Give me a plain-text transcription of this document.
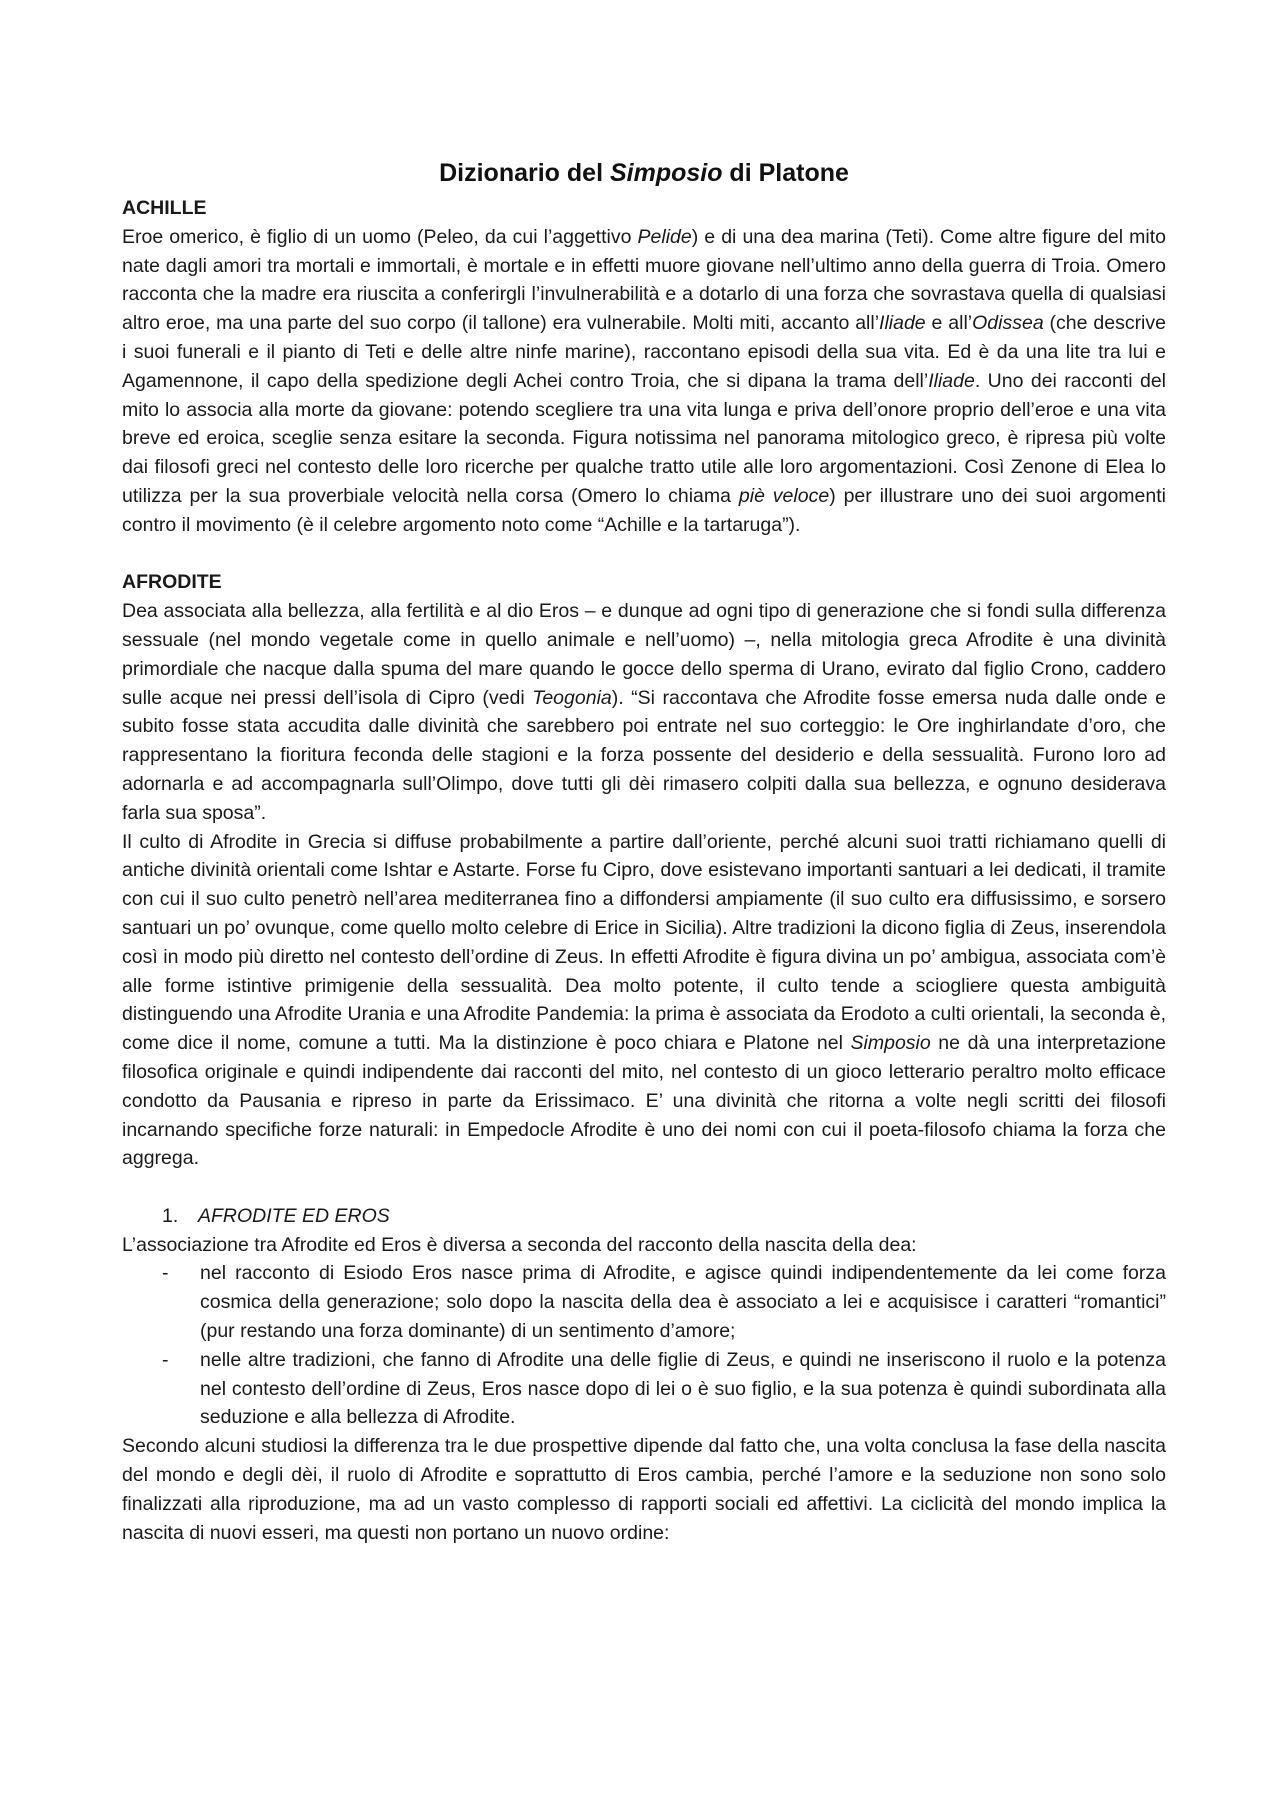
Dizionario del Simposio di Platone
ACHILLE

Eroe omerico, è figlio di un uomo (Peleo, da cui l’aggettivo Pelide) e di una dea marina (Teti). Come altre figure del mito nate dagli amori tra mortali e immortali, è mortale e in effetti muore giovane nell’ultimo anno della guerra di Troia. Omero racconta che la madre era riuscita a conferirgli l’invulnerabilità e a dotarlo di una forza che sovrastava quella di qualsiasi altro eroe, ma una parte del suo corpo (il tallone) era vulnerabile. Molti miti, accanto all’Iliade e all’Odissea (che descrive i suoi funerali e il pianto di Teti e delle altre ninfe marine), raccontano episodi della sua vita. Ed è da una lite tra lui e Agamennone, il capo della spedizione degli Achei contro Troia, che si dipana la trama dell’Iliade. Uno dei racconti del mito lo associa alla morte da giovane: potendo scegliere tra una vita lunga e priva dell’onore proprio dell’eroe e una vita breve ed eroica, sceglie senza esitare la seconda. Figura notissima nel panorama mitologico greco, è ripresa più volte dai filosofi greci nel contesto delle loro ricerche per qualche tratto utile alle loro argomentazioni. Così Zenone di Elea lo utilizza per la sua proverbiale velocità nella corsa (Omero lo chiama piè veloce) per illustrare uno dei suoi argomenti contro il movimento (è il celebre argomento noto come “Achille e la tartaruga”).

AFRODITE

Dea associata alla bellezza, alla fertilità e al dio Eros – e dunque ad ogni tipo di generazione che si fondi sulla differenza sessuale (nel mondo vegetale come in quello animale e nell’uomo) –, nella mitologia greca Afrodite è una divinità primordiale che nacque dalla spuma del mare quando le gocce dello sperma di Urano, evirato dal figlio Crono, caddero sulle acque nei pressi dell’isola di Cipro (vedi Teogonia). “Si raccontava che Afrodite fosse emersa nuda dalle onde e subito fosse stata accudita dalle divinità che sarebbero poi entrate nel suo corteggio: le Ore inghirlandate d’oro, che rappresentano la fioritura feconda delle stagioni e la forza possente del desiderio e della sessualità. Furono loro ad adornarla e ad accompagnarla sull’Olimpo, dove tutti gli dèi rimasero colpiti dalla sua bellezza, e ognuno desiderava farla sua sposa”.

Il culto di Afrodite in Grecia si diffuse probabilmente a partire dall’oriente, perché alcuni suoi tratti richiamano quelli di antiche divinità orientali come Ishtar e Astarte. Forse fu Cipro, dove esistevano importanti santuari a lei dedicati, il tramite con cui il suo culto penetrò nell’area mediterranea fino a diffondersi ampiamente (il suo culto era diffusissimo, e sorsero santuari un po’ ovunque, come quello molto celebre di Erice in Sicilia). Altre tradizioni la dicono figlia di Zeus, inserendola così in modo più diretto nel contesto dell’ordine di Zeus. In effetti Afrodite è figura divina un po’ ambigua, associata com’è alle forme istintive primigenie della sessualità. Dea molto potente, il culto tende a sciogliere questa ambiguità distinguendo una Afrodite Urania e una Afrodite Pandemia: la prima è associata da Erodoto a culti orientali, la seconda è, come dice il nome, comune a tutti. Ma la distinzione è poco chiara e Platone nel Simposio ne dà una interpretazione filosofica originale e quindi indipendente dai racconti del mito, nel contesto di un gioco letterario peraltro molto efficace condotto da Pausania e ripreso in parte da Erissimaco. E’ una divinità che ritorna a volte negli scritti dei filosofi incarnando specifiche forze naturali: in Empedocle Afrodite è uno dei nomi con cui il poeta-filosofo chiama la forza che aggrega.

1. AFRODITE ED EROS

L’associazione tra Afrodite ed Eros è diversa a seconda del racconto della nascita della dea:

- nel racconto di Esiodo Eros nasce prima di Afrodite, e agisce quindi indipendentemente da lei come forza cosmica della generazione; solo dopo la nascita della dea è associato a lei e acquisisce i caratteri “romantici” (pur restando una forza dominante) di un sentimento d’amore;
- nelle altre tradizioni, che fanno di Afrodite una delle figlie di Zeus, e quindi ne inseriscono il ruolo e la potenza nel contesto dell’ordine di Zeus, Eros nasce dopo di lei o è suo figlio, e la sua potenza è quindi subordinata alla seduzione e alla bellezza di Afrodite.

Secondo alcuni studiosi la differenza tra le due prospettive dipende dal fatto che, una volta conclusa la fase della nascita del mondo e degli dèi, il ruolo di Afrodite e soprattutto di Eros cambia, perché l’amore e la seduzione non sono solo finalizzati alla riproduzione, ma ad un vasto complesso di rapporti sociali ed affettivi. La ciclicità del mondo implica la nascita di nuovi esseri, ma questi non portano un nuovo ordine:
